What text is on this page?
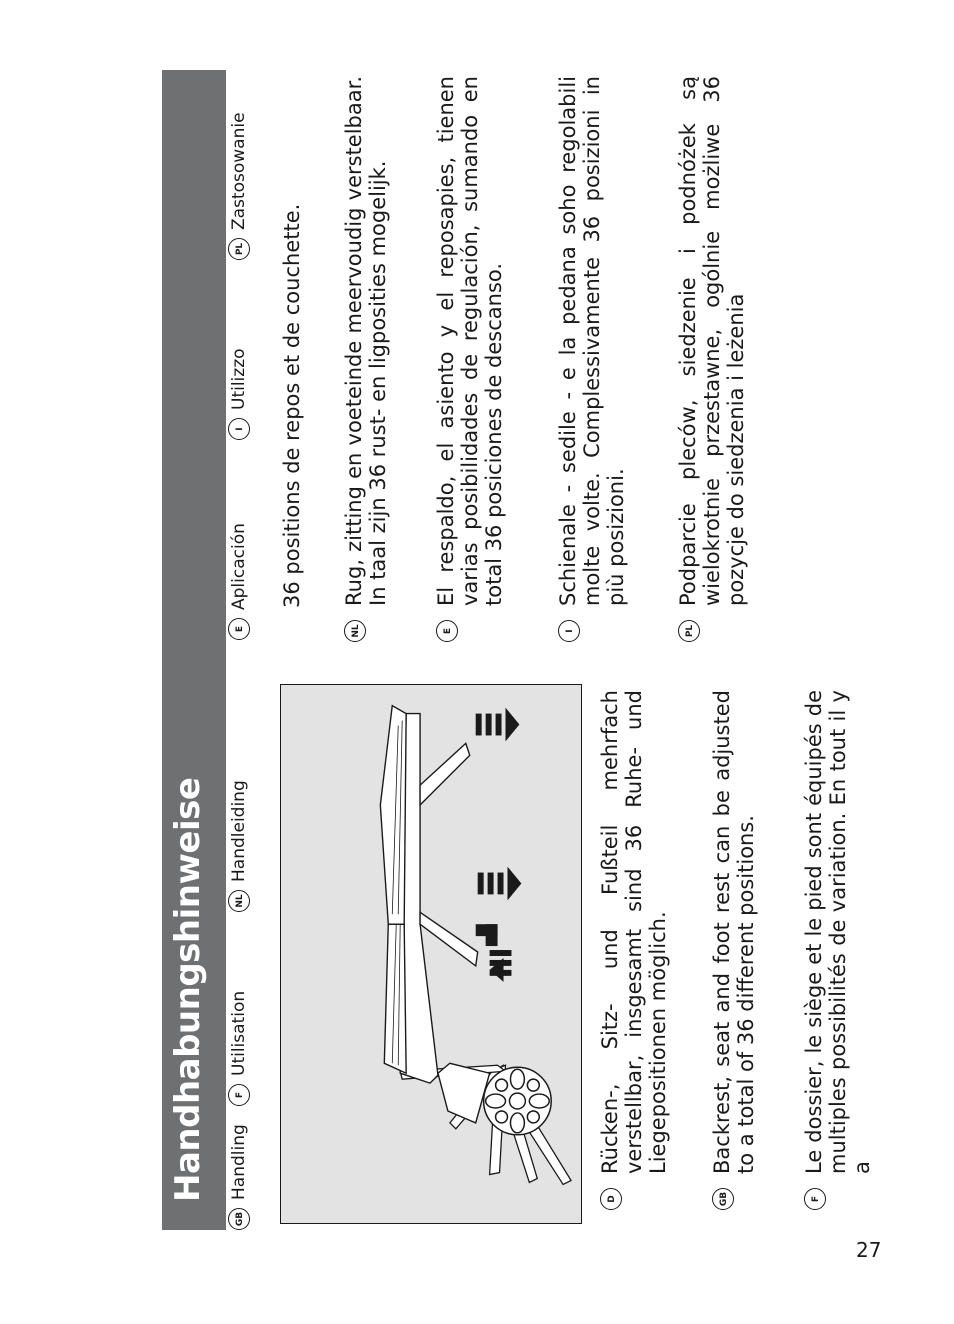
Handhabungshinweise
GB
Handling
F
Utilisation
NL
Handleiding
E
Aplicación
I
Utilizzo
PL
Zastosowanie
D
Rücken-, Sitz- und Fußteil mehrfach verstellbar, insgesamt sind 36 Ruhe- und Liegepositionen möglich.
GB
Backrest, seat and foot rest can be adjusted to a total of 36 different positions.
F
Le dossier, le siège et le pied sont équipés de multiples possibilités de variation. En tout il y a
36 positions de repos et de couchette.
NL
Rug, zitting en voeteinde meervoudig verstelbaar. In taal zijn 36 rust- en ligposities mogelijk.
E
El respaldo, el asiento y el reposapies, tienen varias posibilidades de regulación, sumando en total 36 posiciones de descanso.
I
Schienale - sedile - e la pedana soho regolabili molte volte. Complessivamente 36 posizioni in più posizioni.
PL
Podparcie pleców, siedzenie i podnóżek są wielokrotnie przestawne, ogólnie możliwe 36 pozycje do siedzenia i leżenia
27
